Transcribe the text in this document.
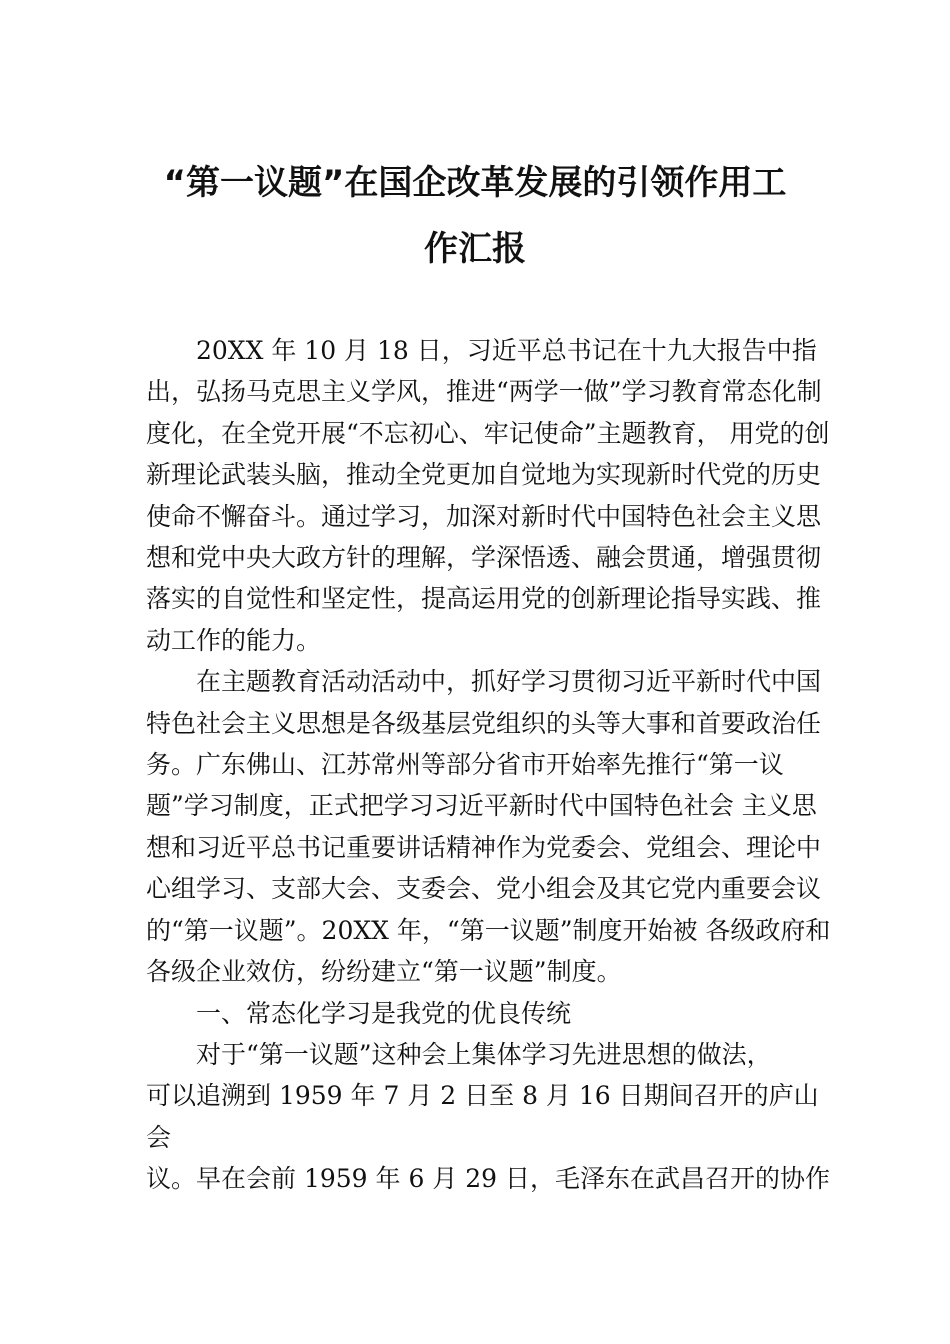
“第一议题”在国企改革发展的引领作用工
作汇报

20XX 年 10 月 18 日，习近平总书记在十九大报告中指出，弘扬马克思主义学风，推进“两学一做”学习教育常态化制度化，在全党开展“不忘初心、牢记使命”主题教育， 用党的创新理论武装头脑，推动全党更加自觉地为实现新时代党的历史使命不懈奋斗。通过学习，加深对新时代中国特色社会主义思想和党中央大政方针的理解，学深悟透、融会贯通，增强贯彻落实的自觉性和坚定性，提高运用党的创新理论指导实践、推动工作的能力。

在主题教育活动活动中，抓好学习贯彻习近平新时代中国特色社会主义思想是各级基层党组织的头等大事和首要政治任务。广东佛山、江苏常州等部分省市开始率先推行“第一议题”学习制度，正式把学习习近平新时代中国特色社会 主义思想和习近平总书记重要讲话精神作为党委会、党组会、理论中心组学习、支部大会、支委会、党小组会及其它党内重要会议的“第一议题”。20XX 年，“第一议题”制度开始被 各级政府和各级企业效仿，纷纷建立“第一议题”制度。

一、常态化学习是我党的优良传统

对于“第一议题”这种会上集体学习先进思想的做法，

可以追溯到 1959 年 7 月 2 日至 8 月 16 日期间召开的庐山

会

议。早在会前 1959 年 6 月 29 日，毛泽东在武昌召开的协作
